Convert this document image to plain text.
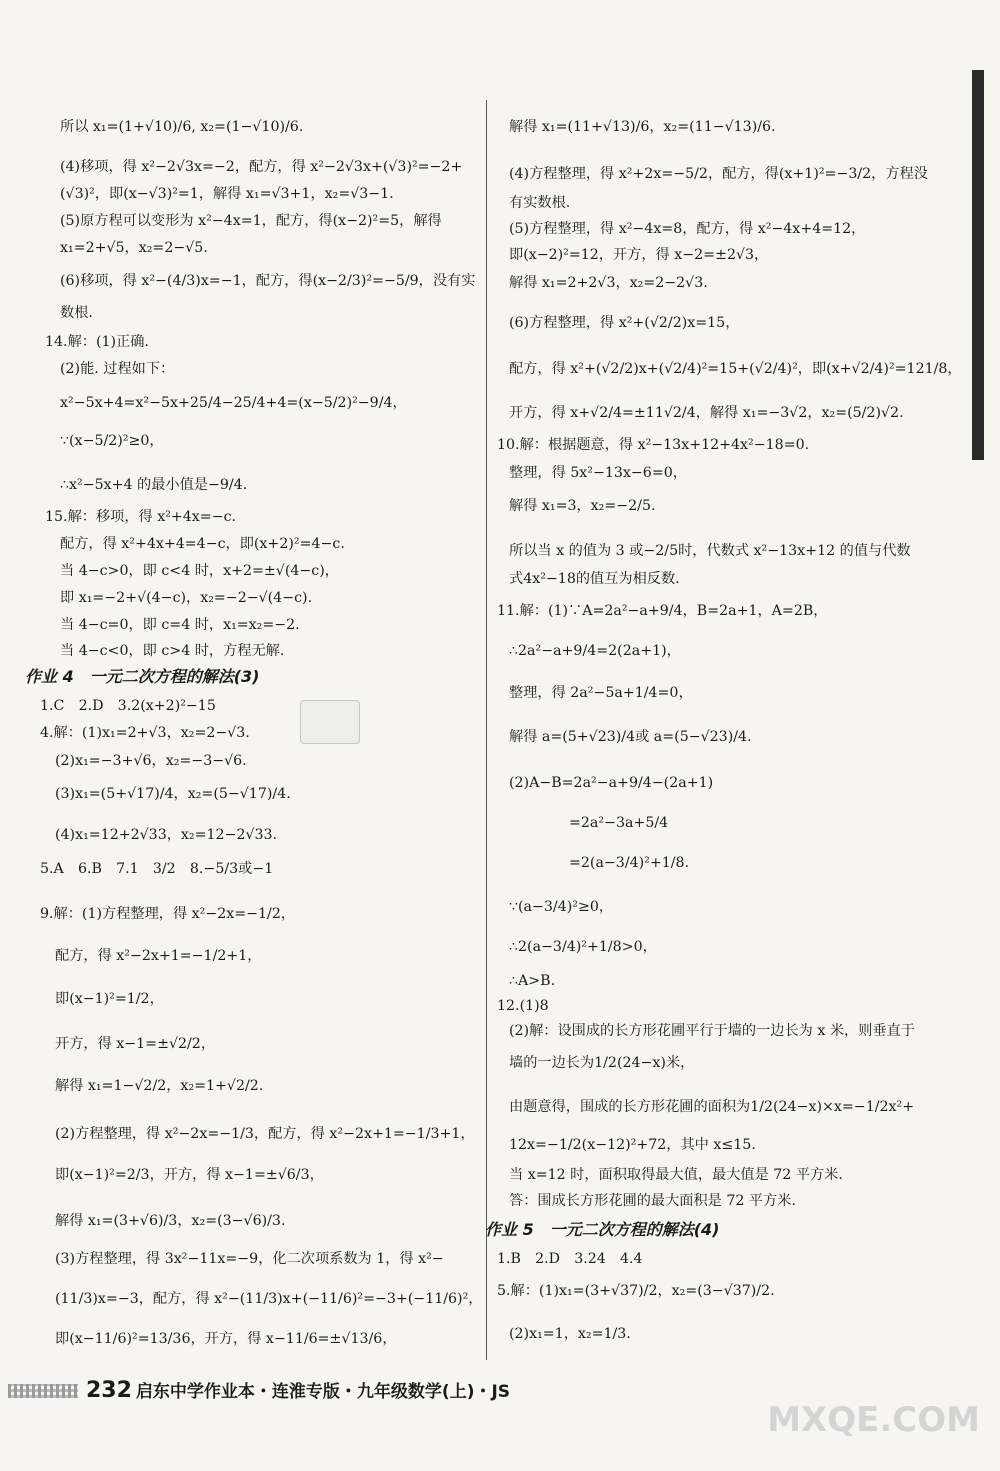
所以 x₁=(1+√10)/6, x₂=(1−√10)/6.
(4)移项，得 x²−2√3x=−2，配方，得 x²−2√3x+(√3)²=−2+
(√3)²，即(x−√3)²=1，解得 x₁=√3+1，x₂=√3−1.
(5)原方程可以变形为 x²−4x=1，配方，得(x−2)²=5，解得
x₁=2+√5，x₂=2−√5.
(6)移项，得 x²−(4/3)x=−1，配方，得(x−2/3)²=−5/9，没有实
数根.
14.解：(1)正确.
(2)能. 过程如下：
x²−5x+4=x²−5x+25/4−25/4+4=(x−5/2)²−9/4，
∵(x−5/2)²≥0，
∴x²−5x+4 的最小值是−9/4.
15.解：移项，得 x²+4x=−c.
配方，得 x²+4x+4=4−c，即(x+2)²=4−c.
当 4−c>0，即 c<4 时，x+2=±√(4−c)，
即 x₁=−2+√(4−c)，x₂=−2−√(4−c).
当 4−c=0，即 c=4 时，x₁=x₂=−2.
当 4−c<0，即 c>4 时，方程无解.
作业 4　一元二次方程的解法(3)
1.C　2.D　3.2(x+2)²−15
4.解：(1)x₁=2+√3，x₂=2−√3.
(2)x₁=−3+√6，x₂=−3−√6.
(3)x₁=(5+√17)/4，x₂=(5−√17)/4.
(4)x₁=12+2√33，x₂=12−2√33.
5.A　6.B　7.1　3/2　8.−5/3或−1
9.解：(1)方程整理，得 x²−2x=−1/2，
配方，得 x²−2x+1=−1/2+1，
即(x−1)²=1/2，
开方，得 x−1=±√2/2，
解得 x₁=1−√2/2，x₂=1+√2/2.
(2)方程整理，得 x²−2x=−1/3，配方，得 x²−2x+1=−1/3+1，
即(x−1)²=2/3，开方，得 x−1=±√6/3，
解得 x₁=(3+√6)/3，x₂=(3−√6)/3.
(3)方程整理，得 3x²−11x=−9，化二次项系数为 1，得 x²−
(11/3)x=−3，配方，得 x²−(11/3)x+(−11/6)²=−3+(−11/6)²，
即(x−11/6)²=13/36，开方，得 x−11/6=±√13/6，
解得 x₁=(11+√13)/6，x₂=(11−√13)/6.
(4)方程整理，得 x²+2x=−5/2，配方，得(x+1)²=−3/2，方程没
有实数根.
(5)方程整理，得 x²−4x=8，配方，得 x²−4x+4=12，
即(x−2)²=12，开方，得 x−2=±2√3，
解得 x₁=2+2√3，x₂=2−2√3.
(6)方程整理，得 x²+(√2/2)x=15，
配方，得 x²+(√2/2)x+(√2/4)²=15+(√2/4)²，即(x+√2/4)²=121/8，
开方，得 x+√2/4=±11√2/4，解得 x₁=−3√2，x₂=(5/2)√2.
10.解：根据题意，得 x²−13x+12+4x²−18=0.
整理，得 5x²−13x−6=0，
解得 x₁=3，x₂=−2/5.
所以当 x 的值为 3 或−2/5时，代数式 x²−13x+12 的值与代数
式4x²−18的值互为相反数.
11.解：(1)∵A=2a²−a+9/4，B=2a+1，A=2B，
∴2a²−a+9/4=2(2a+1)，
整理，得 2a²−5a+1/4=0，
解得 a=(5+√23)/4或 a=(5−√23)/4.
(2)A−B=2a²−a+9/4−(2a+1)
=2a²−3a+5/4
=2(a−3/4)²+1/8.
∵(a−3/4)²≥0，
∴2(a−3/4)²+1/8>0，
∴A>B.
12.(1)8
(2)解：设围成的长方形花圃平行于墙的一边长为 x 米，则垂直于
墙的一边长为1/2(24−x)米，
由题意得，围成的长方形花圃的面积为1/2(24−x)×x=−1/2x²+
12x=−1/2(x−12)²+72，其中 x≤15.
当 x=12 时，面积取得最大值，最大值是 72 平方米.
答：围成长方形花圃的最大面积是 72 平方米.
作业 5　一元二次方程的解法(4)
1.B　2.D　3.24　4.4
5.解：(1)x₁=(3+√37)/2，x₂=(3−√37)/2.
(2)x₁=1，x₂=1/3.
232 启东中学作业本・连淮专版・九年级数学(上)・JS
MXQE.COM
